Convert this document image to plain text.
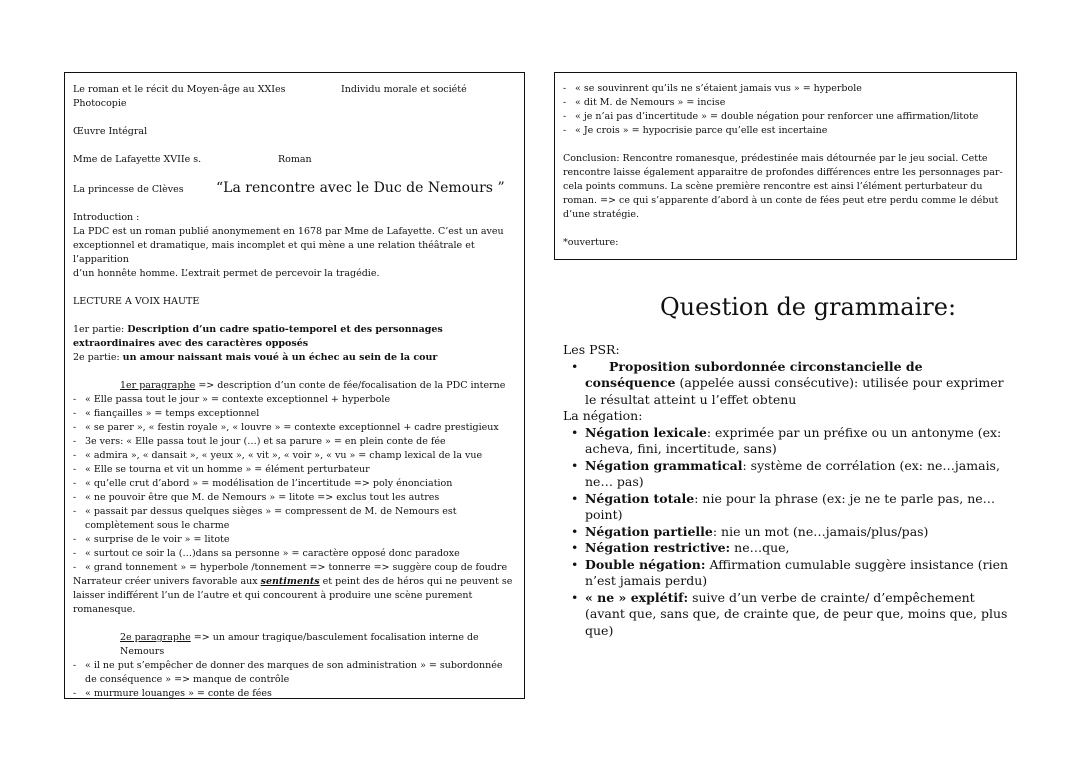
Le roman et le récit du Moyen-âge au XXIes	Individu morale et société

Photocopie

Œuvre Intégral

Mme de Lafayette XVIIe s.	Roman
La princesse de Clèves	“La rencontre avec le Duc de Nemours ”

Introduction :

La PDC est un roman publié anonymement en 1678 par Mme de Lafayette. C’est un aveu

exceptionnel et dramatique, mais incomplet et qui mène a une relation théâtrale et l’apparition

d’un honnête homme. L’extrait permet de percevoir la tragédie.

LECTURE A VOIX HAUTE

1er partie: Description d’un cadre spatio-temporel et des personnages extraordinaires avec des caractères opposés

2e partie: un amour naissant mais voué à un échec au sein de la cour

1er paragraphe => description d’un conte de fée/focalisation de la PDC interne

- « Elle passa tout le jour » = contexte exceptionnel + hyperbole
- « fiançailles » = temps exceptionnel
- « se parer », « festin royale », « louvre » = contexte exceptionnel + cadre prestigieux
- 3e vers: « Elle passa tout le jour (…) et sa parure » = en plein conte de fée
- « admira », « dansait », « yeux », « vit », « voir », « vu » = champ lexical de la vue
- « Elle se tourna et vit un homme » = élément perturbateur
- « qu’elle crut d’abord » = modélisation de l’incertitude => poly énonciation
- « ne pouvoir être que M. de Nemours » = litote => exclus tout les autres
- « passait par dessus quelques sièges » = compressent de M. de Nemours est complètement sous le charme
- « surprise de le voir » = litote
- « surtout ce soir la (…)dans sa personne » = caractère opposé donc paradoxe
- « grand tonnement » = hyperbole /tonnement => tonnerre => suggère coup de foudre

Narrateur créer univers favorable aux sentiments et peint des de héros qui ne peuvent se laisser indifférent l’un de l’autre et qui concourent à produire une scène purement romanesque.

2e paragraphe => un amour tragique/basculement focalisation interne de Nemours

- « il ne put s’empêcher de donner des marques de son administration » = subordonnée de conséquence » => manque de contrôle
- « murmure louanges » = conte de fées
- « se souvinrent qu’ils ne s’étaient jamais vus » = hyperbole
- « dit M. de Nemours » = incise
- « je n’ai pas d’incertitude » = double négation pour renforcer une affirmation/litote
- « Je crois » = hypocrisie parce qu’elle est incertaine

Conclusion: Rencontre romanesque, prédestinée mais détournée par le jeu social. Cette rencontre laisse également apparaitre de profondes différences entre les personnages par-cela points communs. La scène première rencontre est ainsi l’élément perturbateur du roman. => ce qui s’apparente d’abord à un conte de fées peut etre perdu comme le début d’une stratégie.

*ouverture:

Question de grammaire:

Les PSR:

• Proposition subordonnée circonstancielle de conséquence (appelée aussi consécutive): utilisée pour exprimer le résultat atteint u l’effet obtenu

La négation:

• Négation lexicale: exprimée par un préfixe ou un antonyme (ex: acheva, fini, incertitude, sans)
• Négation grammatical: système de corrélation (ex: ne…jamais, ne… pas)
• Négation totale: nie pour la phrase (ex: je ne te parle pas, ne…point)
• Négation partielle: nie un mot (ne…jamais/plus/pas)
• Négation restrictive: ne…que,
• Double négation: Affirmation cumulable suggère insistance (rien n’est jamais perdu)
• « ne » explétif: suive d’un verbe de crainte/ d’empêchement (avant que, sans que, de crainte que, de peur que, moins que, plus que)
